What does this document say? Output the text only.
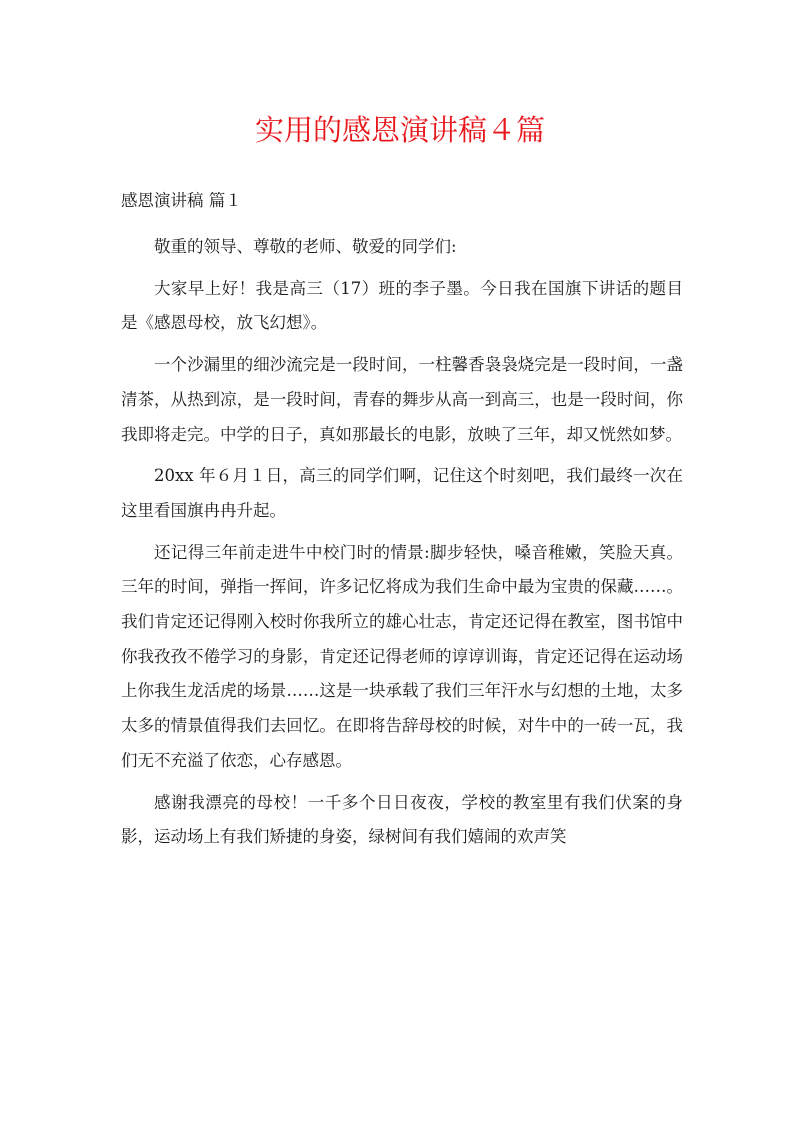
实用的感恩演讲稿４篇
感恩演讲稿 篇１

敬重的领导、尊敬的老师、敬爱的同学们:

大家早上好！我是高三（17）班的李子墨。今日我在国旗下讲话的题目是《感恩母校，放飞幻想》。

一个沙漏里的细沙流完是一段时间，一柱馨香袅袅烧完是一段时间，一盏清茶，从热到凉，是一段时间，青春的舞步从高一到高三，也是一段时间，你我即将走完。中学的日子，真如那最长的电影，放映了三年，却又恍然如梦。

20xx 年６月１日，高三的同学们啊，记住这个时刻吧，我们最终一次在这里看国旗冉冉升起。

还记得三年前走进牛中校门时的情景:脚步轻快，嗓音稚嫩，笑脸天真。三年的时间，弹指一挥间，许多记忆将成为我们生命中最为宝贵的保藏……。我们肯定还记得刚入校时你我所立的雄心壮志，肯定还记得在教室，图书馆中你我孜孜不倦学习的身影，肯定还记得老师的谆谆训诲，肯定还记得在运动场上你我生龙活虎的场景……这是一块承载了我们三年汗水与幻想的土地，太多太多的情景值得我们去回忆。在即将告辞母校的时候，对牛中的一砖一瓦，我们无不充溢了依恋，心存感恩。

感谢我漂亮的母校！一千多个日日夜夜，学校的教室里有我们伏案的身影，运动场上有我们矫捷的身姿，绿树间有我们嬉闹的欢声笑
